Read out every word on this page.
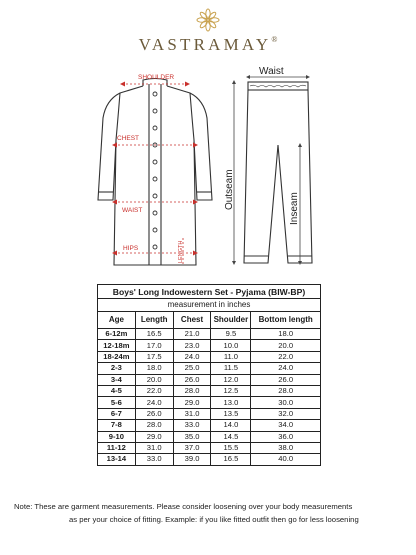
VASTRAMAY®
SHOULDER
CHEST
WAIST
HIPS	LENGTH
Waist
Outseam	Inseam
Boys' Long Indowestern Set - Pyjama (BIW-BP)				
measurement in inches				
Age	Length	Chest	Shoulder	Bottom length
6-12m	16.5	21.0	9.5	18.0
12-18m	17.0	23.0	10.0	20.0
18-24m	17.5	24.0	11.0	22.0
2-3	18.0	25.0	11.5	24.0
3-4	20.0	26.0	12.0	26.0
4-5	22.0	28.0	12.5	28.0
5-6	24.0	29.0	13.0	30.0
6-7	26.0	31.0	13.5	32.0
7-8	28.0	33.0	14.0	34.0
9-10	29.0	35.0	14.5	36.0
11-12	31.0	37.0	15.5	38.0
13-14	33.0	39.0	16.5	40.0
Note: These are garment measurements. Please consider loosening over your body measurements
as per your choice of fitting. Example: if you like fitted outfit then go for less loosening
